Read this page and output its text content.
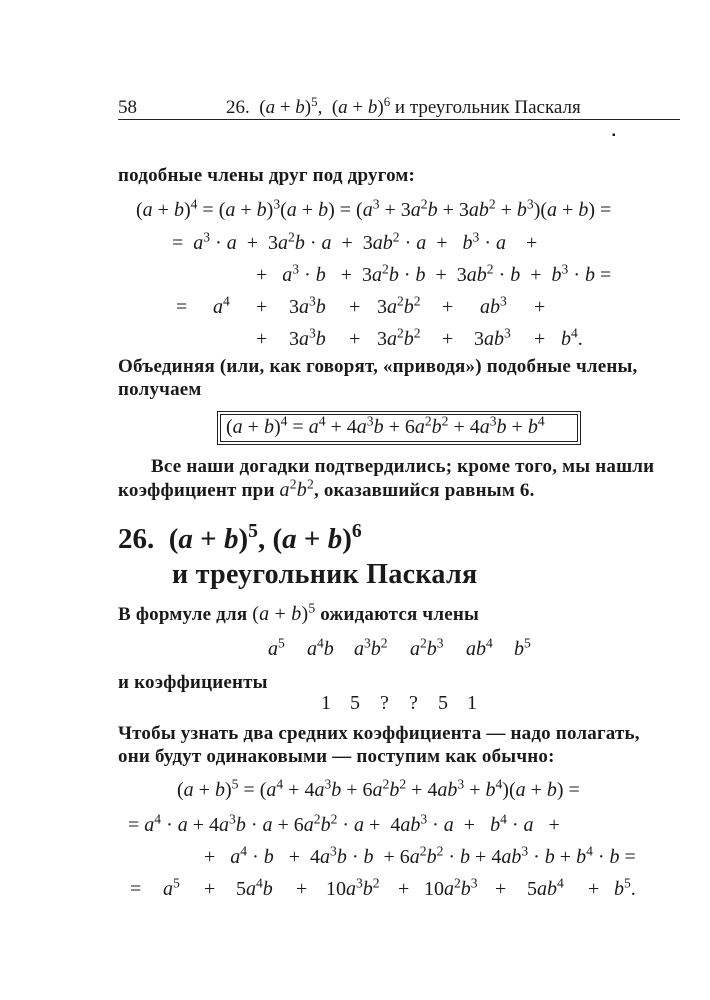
58	26.  $(a + b)^5$,  $(a + b)^6$ и треугольник Паскаля
▪
подобные члены друг под другом:
$(a + b)^4 = (a + b)^3(a + b) = (a^3 + 3a^2b + 3ab^2 + b^3)(a + b)$ =
=  $a^3 \cdot a + 3a^2b \cdot a + 3ab^2 \cdot a + b^3 \cdot a$    +
+   $a^3 \cdot b + 3a^2b \cdot b + 3ab^2 \cdot b + b^3 \cdot b$ =
= $a^4 + 3a^3b + 3a^2b^2 + ab^3$ +
+ $3a^3b + 3a^2b^2 + 3ab^3 + b^4$ .
Объединяя (или, как говорят, «приводя») подобные члены,
получаем
$(a + b)^4 = a^4 + 4a^3b + 6a^2b^2 + 4a^3b + b^4$
Все наши догадки подтвердились; кроме того, мы нашли
коэффициент при $a^2b^2$, оказавшийся равным 6.
26.  $(a + b)^5$, $(a + b)^6$
и треугольник Паскаля
В формуле для $(a + b)^5$ ожидаются члены
$a^5$ $a^4b$ $a^3b^2$ $a^2b^3$ $ab^4$ $b^5$
и коэффициенты
1 5 ? ? 5 1
Чтобы узнать два средних коэффициента — надо полагать,
они будут одинаковыми — поступим как обычно:
$(a + b)^5 = (a^4 + 4a^3b + 6a^2b^2 + 4ab^3 + b^4)(a + b)$ =
= $a^4 \cdot a + 4a^3b \cdot a + 6a^2b^2 \cdot a + 4ab^3 \cdot a + b^4 \cdot a$   +
+   $a^4 \cdot b + 4a^3b \cdot b + 6a^2b^2 \cdot b + 4ab^3 \cdot b + b^4 \cdot b$ =
= $a^5 + 5a^4b + 10a^3b^2 + 10a^2b^3 + 5ab^4 + b^5$ .
